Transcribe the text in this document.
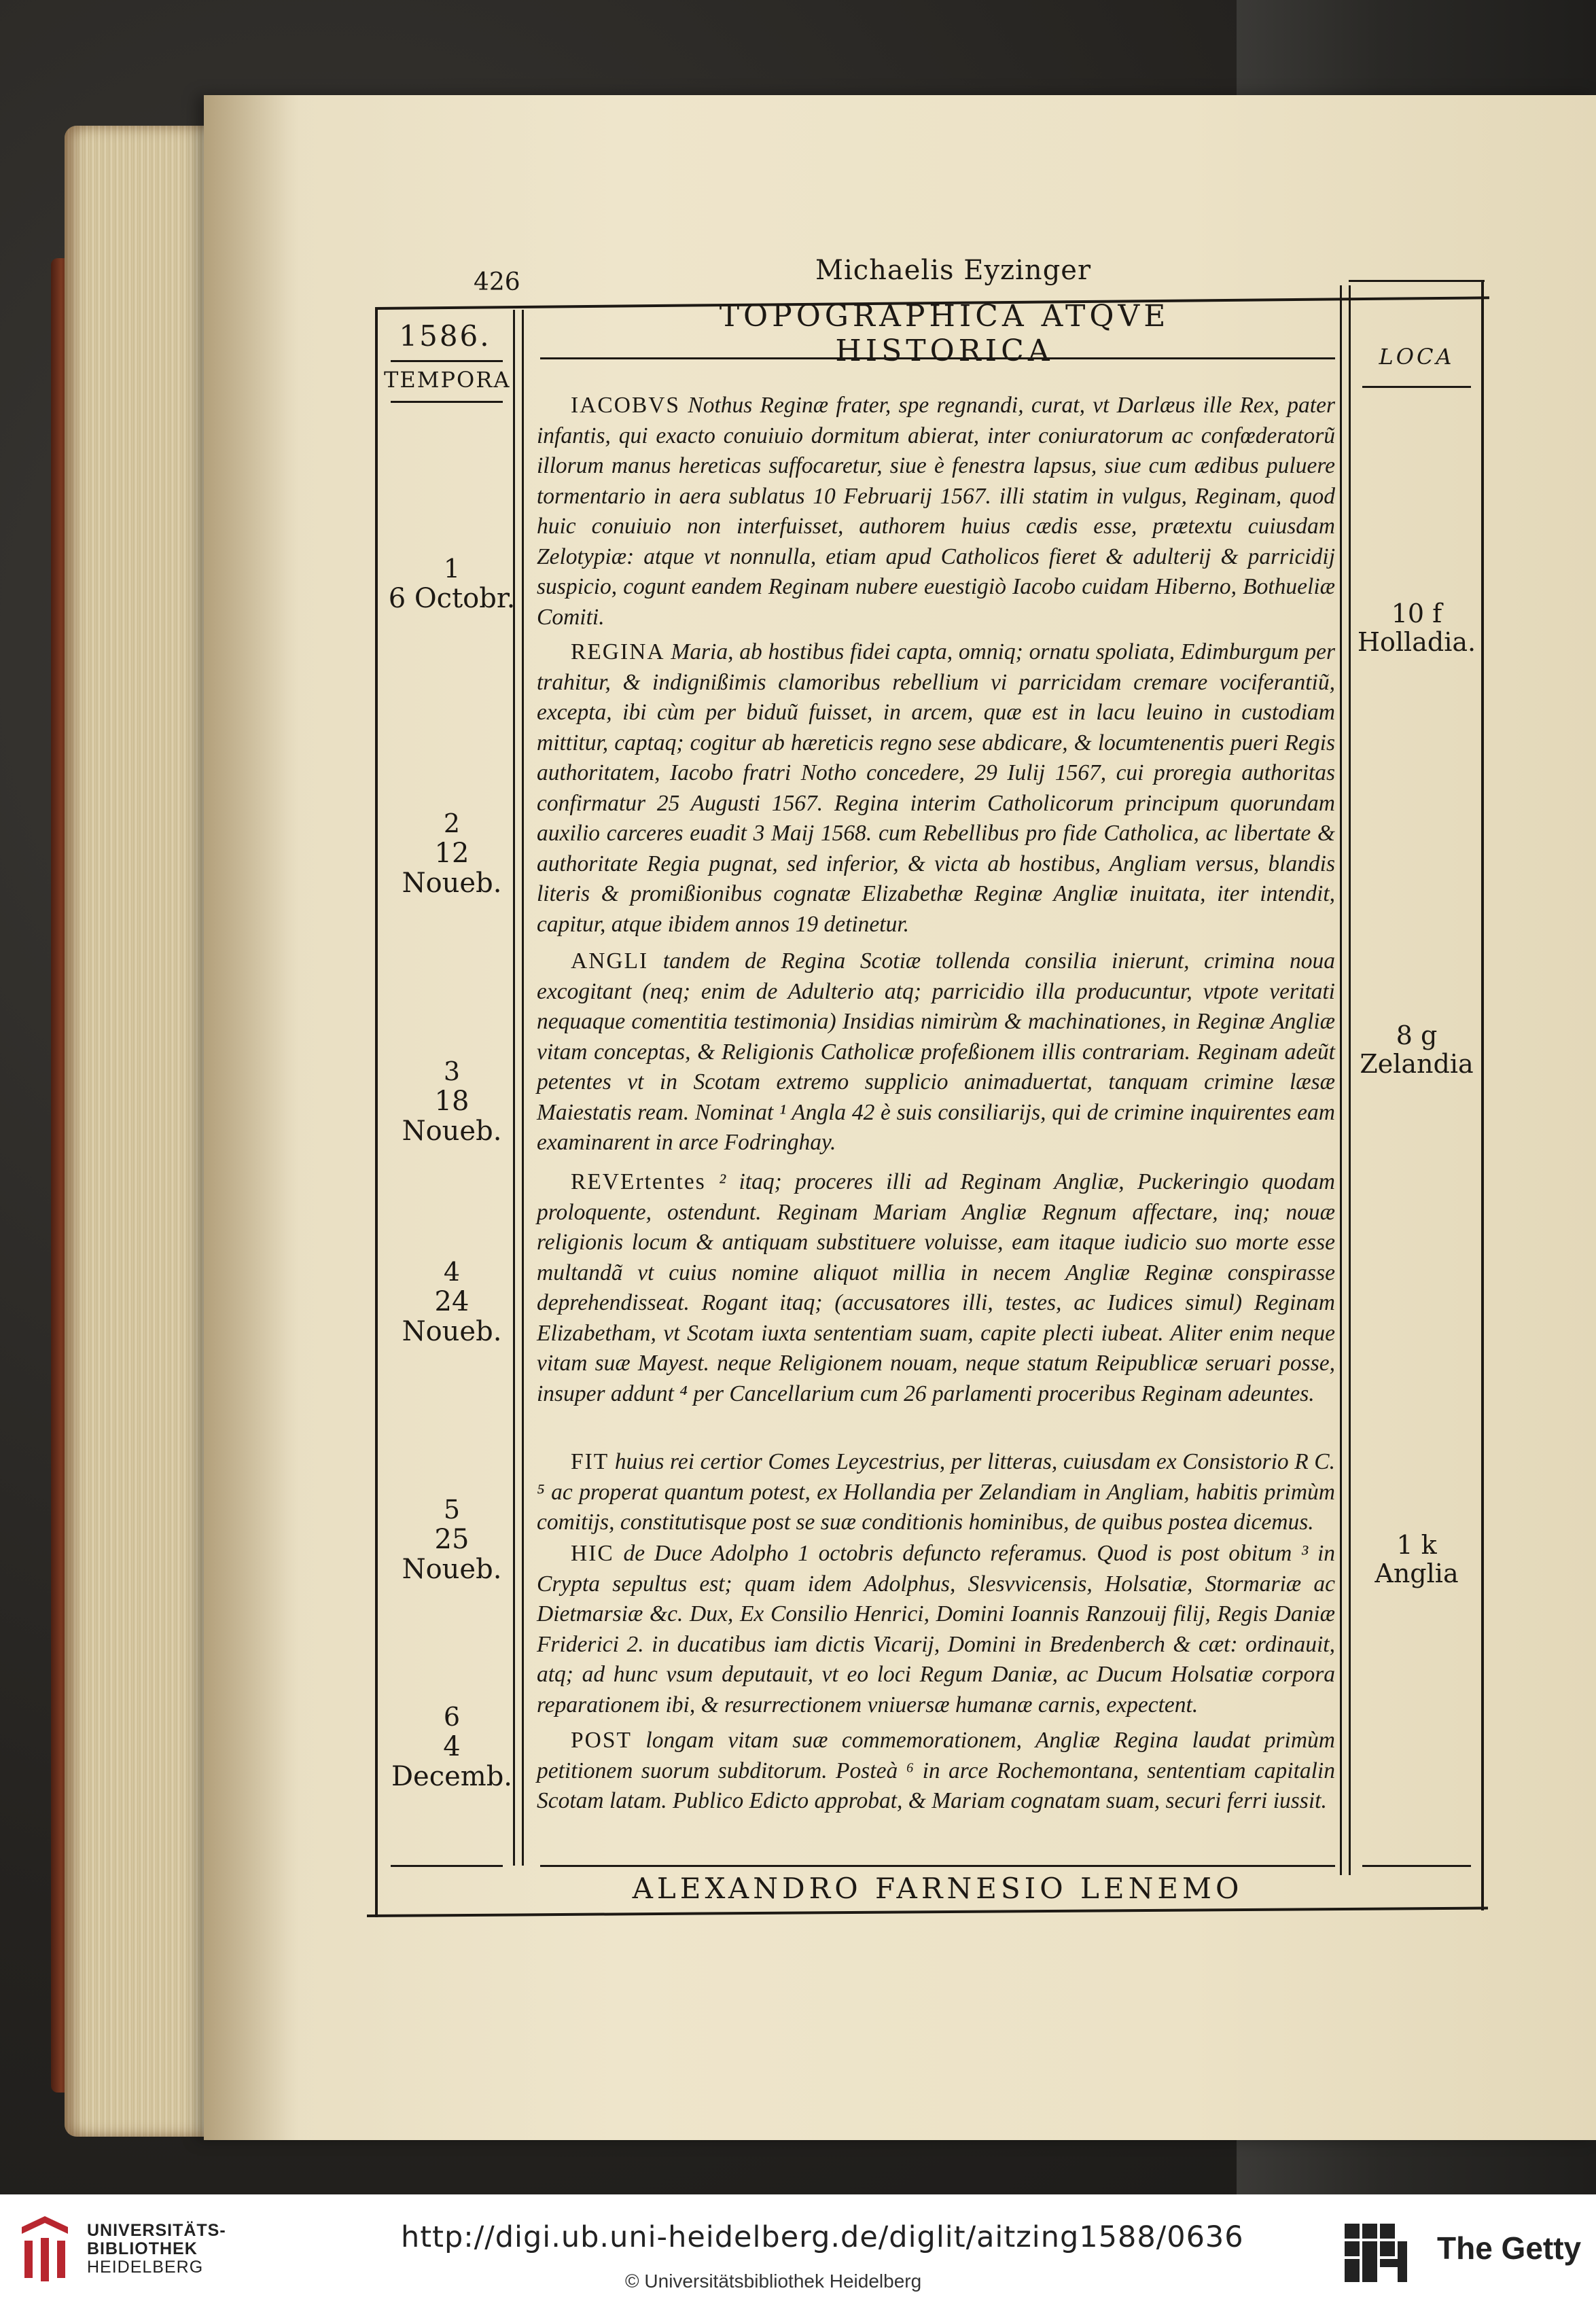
426	Michaelis Eyzinger
TOPOGRAPHICA ATQVE HISTORICA
1586.
TEMPORA
LOCA
1
6 Octobr.
2
12 Noueb.
3
18 Noueb.
4
24 Noueb.
5
25 Noueb.
6
4 Decemb.
10 f
Holladia.
8 g
Zelandia
1 k
Anglia
IACOBVS Nothus Reginæ frater, spe regnandi, curat, vt Darlæus ille Rex, pater infantis, qui exacto conuiuio dormitum abierat, inter coniuratorum ac confœderatorũ illorum manus hereticas suffocaretur, siue è fenestra lapsus, siue cum ædibus puluere tormentario in aera sublatus 10 Februarij 1567. illi statim in vulgus, Reginam, quod huic conuiuio non interfuisset, authorem huius cædis esse, prætextu cuiusdam Zelotypiæ: atque vt nonnulla, etiam apud Catholicos fieret & adulterij & parricidij suspicio, cogunt eandem Reginam nubere euestigiò Iacobo cuidam Hiberno, Bothueliæ Comiti.
REGINA Maria, ab hostibus fidei capta, omniq; ornatu spoliata, Edimburgum per trahitur, & indignißimis clamoribus rebellium vi parricidam cremare vociferantiũ, excepta, ibi cùm per biduũ fuisset, in arcem, quæ est in lacu leuino in custodiam mittitur, captaq; cogitur ab hæreticis regno sese abdicare, & locumtenentis pueri Regis authoritatem, Iacobo fratri Notho concedere, 29 Iulij 1567, cui proregia authoritas confirmatur 25 Augusti 1567. Regina interim Catholicorum principum quorundam auxilio carceres euadit 3 Maij 1568. cum Rebellibus pro fide Catholica, ac libertate & authoritate Regia pugnat, sed inferior, & victa ab hostibus, Angliam versus, blandis literis & promißionibus cognatæ Elizabethæ Reginæ Angliæ inuitata, iter intendit, capitur, atque ibidem annos 19 detinetur.
ANGLI tandem de Regina Scotiæ tollenda consilia inierunt, crimina noua excogitant (neq; enim de Adulterio atq; parricidio illa producuntur, vtpote veritati nequaque comentitia testimonia) Insidias nimirùm & machinationes, in Reginæ Angliæ vitam conceptas, & Religionis Catholicæ profeßionem illis contrariam. Reginam adeũt petentes vt in Scotam extremo supplicio animaduertat, tanquam crimine læsæ Maiestatis ream. Nominat ¹ Angla 42 è suis consiliarijs, qui de crimine inquirentes eam examinarent in arce Fodringhay.
REVErtentes ² itaq; proceres illi ad Reginam Angliæ, Puckeringio quodam proloquente, ostendunt. Reginam Mariam Angliæ Regnum affectare, inq; nouæ religionis locum & antiquam substituere voluisse, eam itaque iudicio suo morte esse multandã vt cuius nomine aliquot millia in necem Angliæ Reginæ conspirasse deprehendisseat. Rogant itaq; (accusatores illi, testes, ac Iudices simul) Reginam Elizabetham, vt Scotam iuxta sententiam suam, capite plecti iubeat. Aliter enim neque vitam suæ Mayest. neque Religionem nouam, neque statum Reipublicæ seruari posse, insuper addunt ⁴ per Cancellarium cum 26 parlamenti proceribus Reginam adeuntes.
FIT huius rei certior Comes Leycestrius, per litteras, cuiusdam ex Consistorio R C. ⁵ ac properat quantum potest, ex Hollandia per Zelandiam in Angliam, habitis primùm comitijs, constitutisque post se suæ conditionis hominibus, de quibus postea dicemus.
HIC de Duce Adolpho 1 octobris defuncto referamus. Quod is post obitum ³ in Crypta sepultus est; quam idem Adolphus, Slesvvicensis, Holsatiæ, Stormariæ ac Dietmarsiæ &c. Dux, Ex Consilio Henrici, Domini Ioannis Ranzouij filij, Regis Daniæ Friderici 2. in ducatibus iam dictis Vicarij, Domini in Bredenberch & cæt: ordinauit, atq; ad hunc vsum deputauit, vt eo loci Regum Daniæ, ac Ducum Holsatiæ corpora reparationem ibi, & resurrectionem vniuersæ humanæ carnis, expectent.
POST longam vitam suæ commemorationem, Angliæ Regina laudat primùm petitionem suorum subditorum. Posteà ⁶ in arce Rochemontana, sententiam capitalin Scotam latam. Publico Edicto approbat, & Mariam cognatam suam, securi ferri iussit.
ALEXANDRO FARNESIO LENEMO
UNIVERSITÄTS-
BIBLIOTHEK
HEIDELBERG
http://digi.ub.uni-heidelberg.de/diglit/aitzing1588/0636
© Universitätsbibliothek Heidelberg
The Getty
